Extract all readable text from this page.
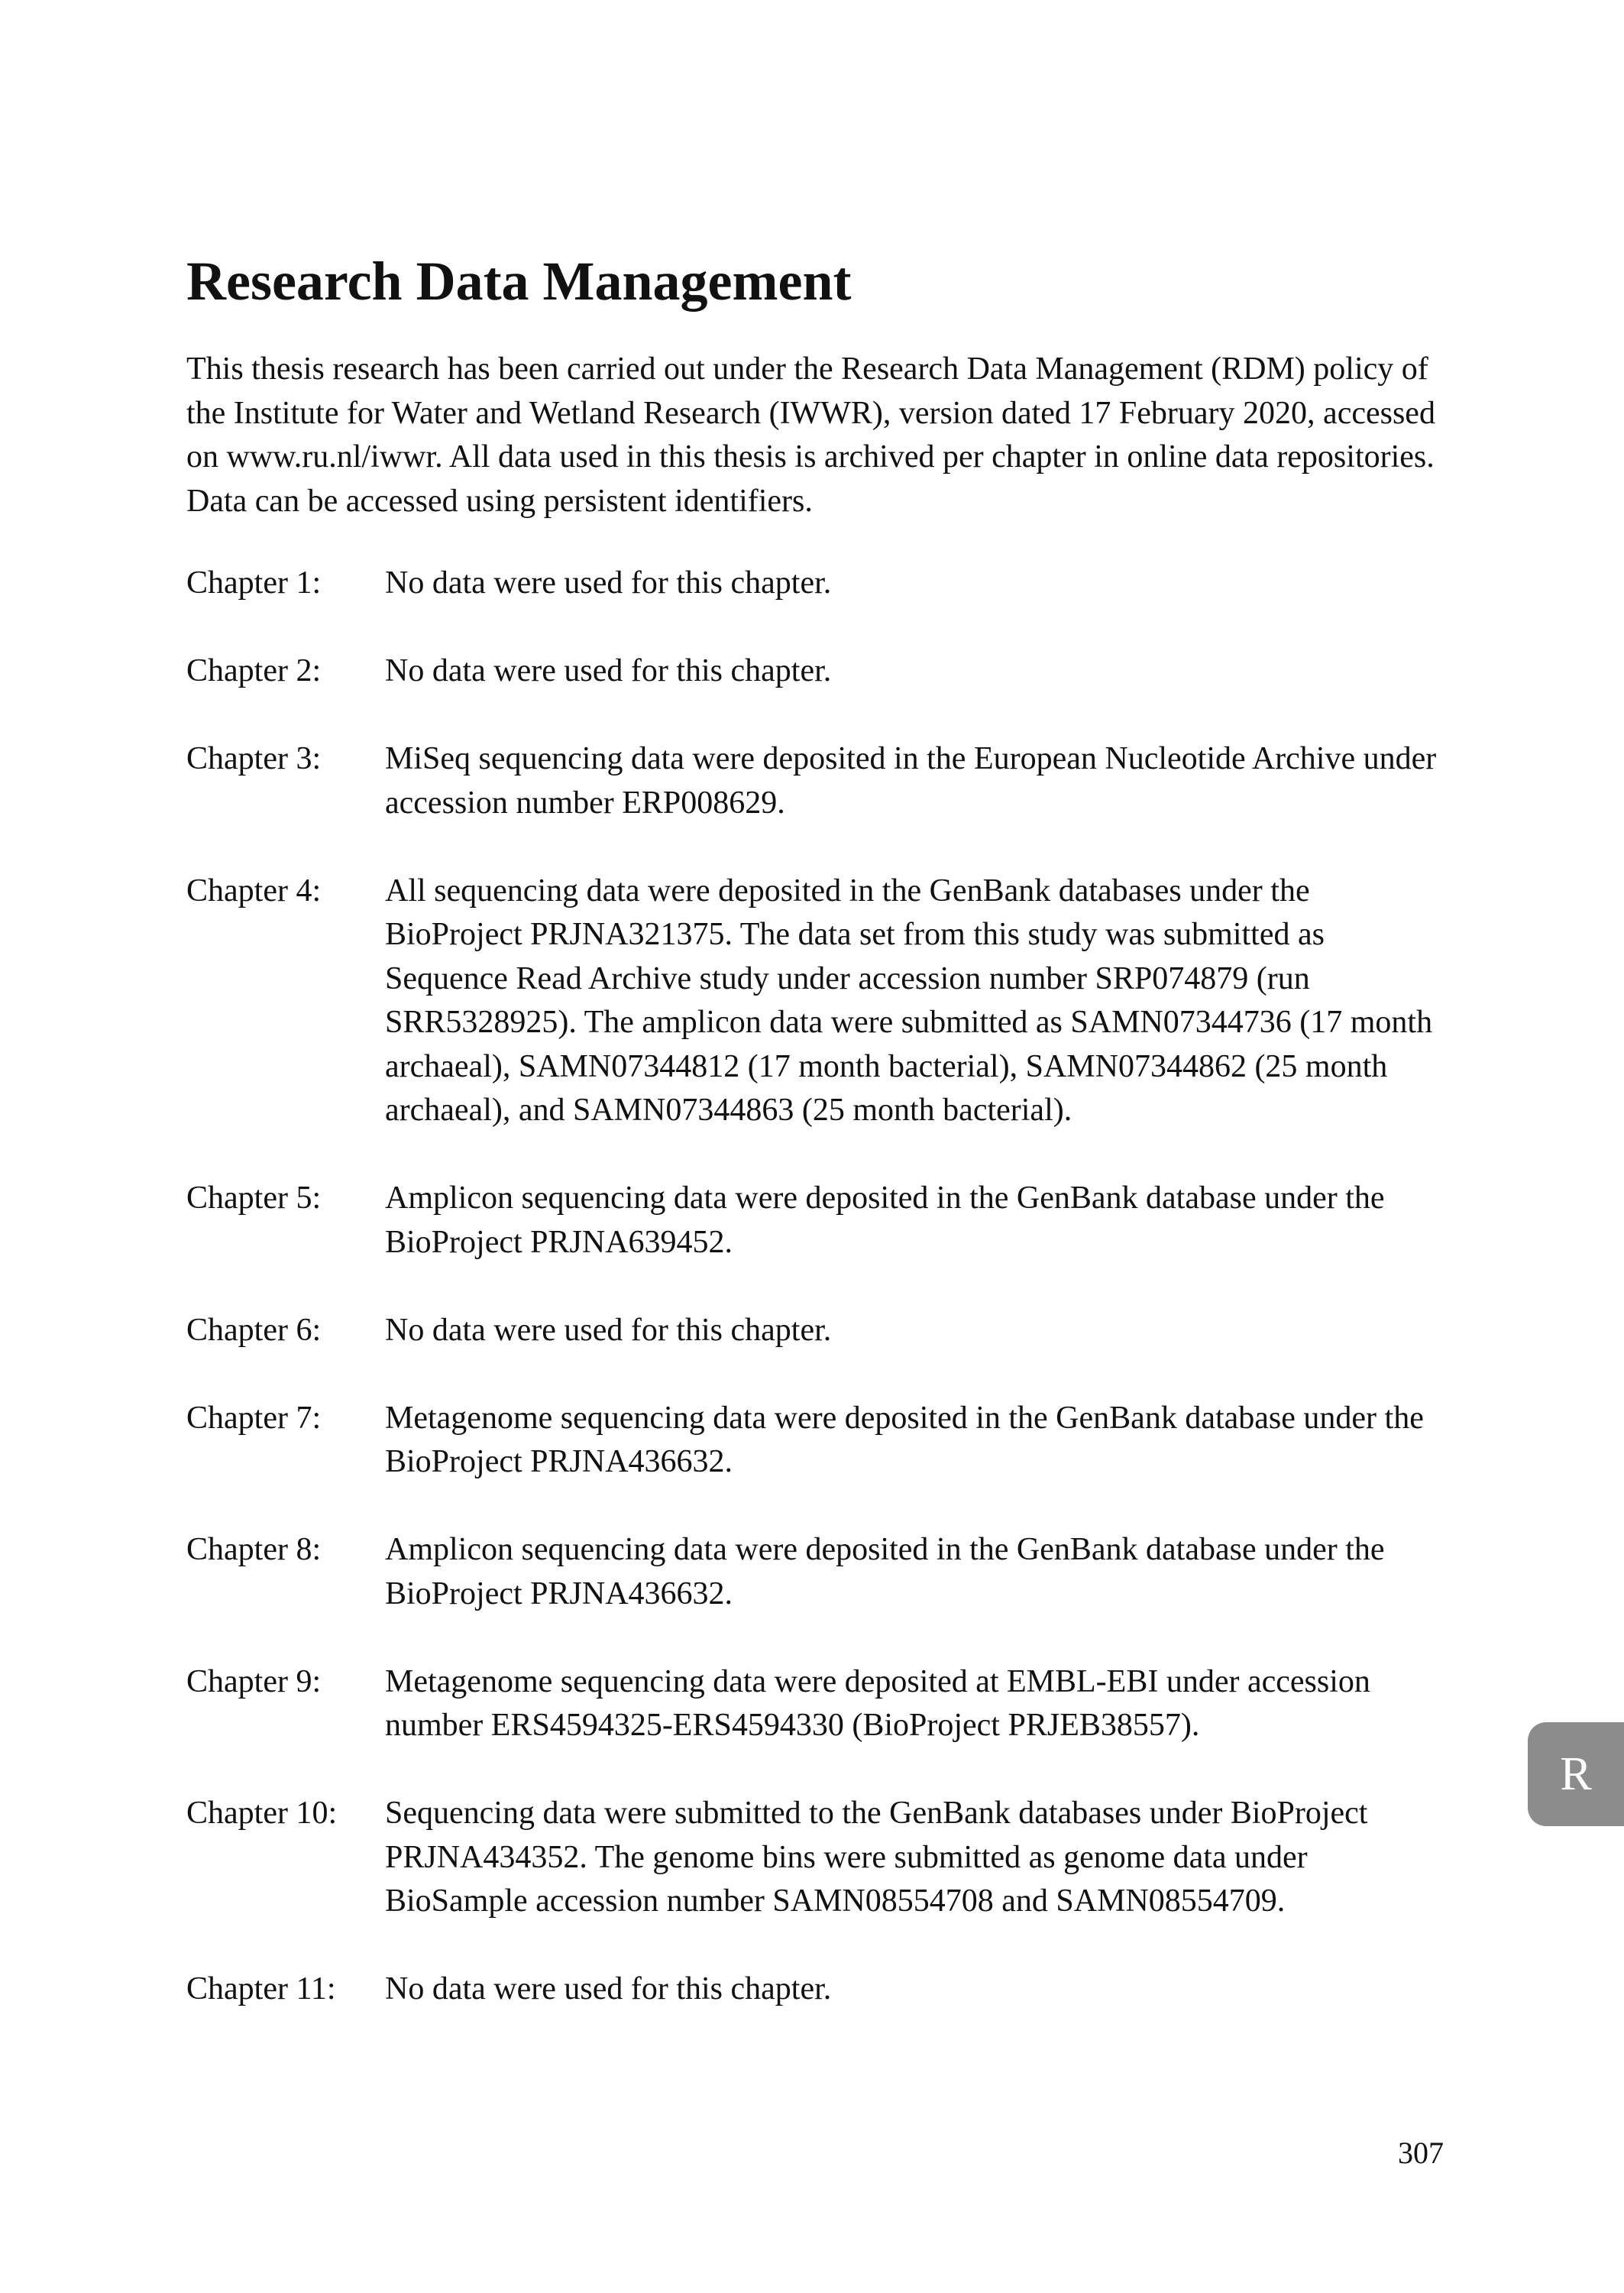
Research Data Management

This thesis research has been carried out under the Research Data Management (RDM) policy of the Institute for Water and Wetland Research (IWWR), version dated 17 February 2020, accessed on www.ru.nl/iwwr. All data used in this thesis is archived per chapter in online data repositories. Data can be accessed using persistent identifiers.

Chapter 1:	No data were used for this chapter.
Chapter 2:	No data were used for this chapter.
Chapter 3:	MiSeq sequencing data were deposited in the European Nucleotide Archive under accession number ERP008629.
Chapter 4:	All sequencing data were deposited in the GenBank databases under the BioProject PRJNA321375. The data set from this study was submitted as Sequence Read Archive study under accession number SRP074879 (run SRR5328925). The amplicon data were submitted as SAMN07344736 (17 month archaeal), SAMN07344812 (17 month bacterial), SAMN07344862 (25 month archaeal), and SAMN07344863 (25 month bacterial).
Chapter 5:	Amplicon sequencing data were deposited in the GenBank database under the BioProject PRJNA639452.
Chapter 6:	No data were used for this chapter.
Chapter 7:	Metagenome sequencing data were deposited in the GenBank database under the BioProject PRJNA436632.
Chapter 8:	Amplicon sequencing data were deposited in the GenBank database under the BioProject PRJNA436632.
Chapter 9:	Metagenome sequencing data were deposited at EMBL-EBI under accession number ERS4594325-ERS4594330 (BioProject PRJEB38557).
Chapter 10:	Sequencing data were submitted to the GenBank databases under BioProject PRJNA434352. The genome bins were submitted as genome data under BioSample accession number SAMN08554708 and SAMN08554709.
Chapter 11:	No data were used for this chapter.
R
307
